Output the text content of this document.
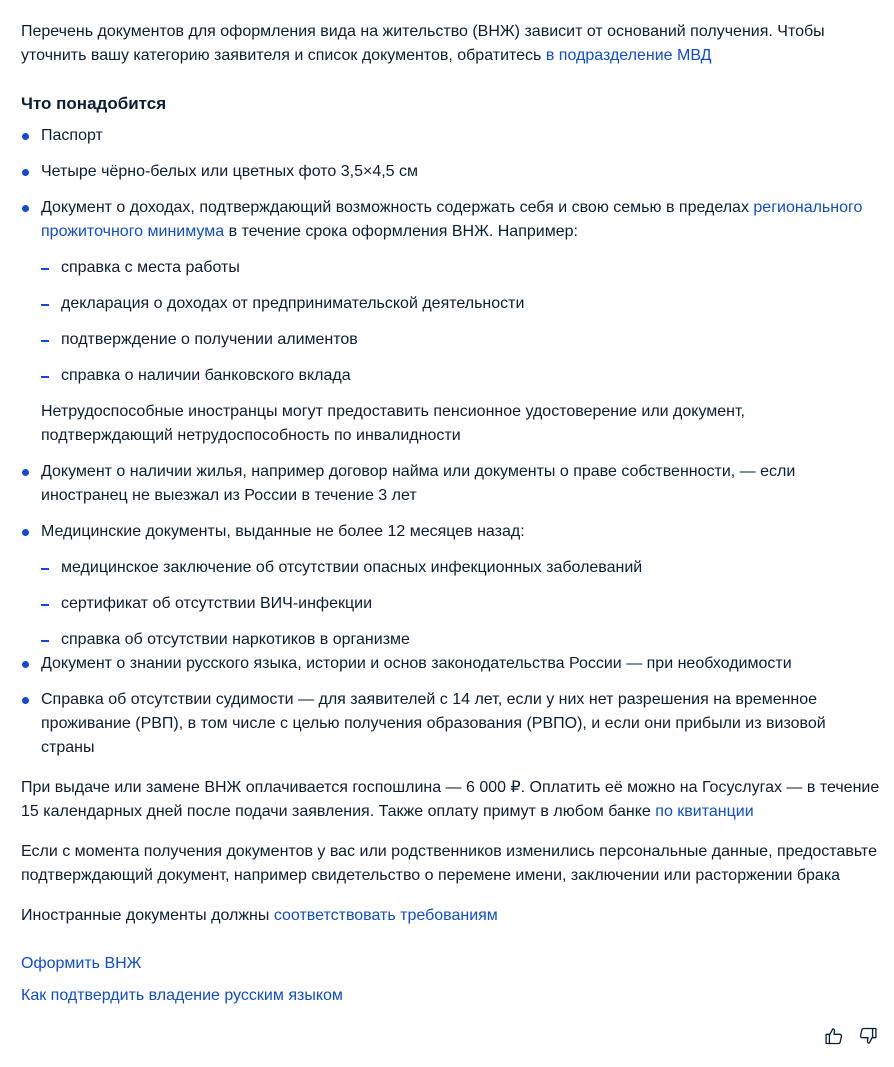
Перечень документов для оформления вида на жительство (ВНЖ) зависит от оснований получения. Чтобы уточнить вашу категорию заявителя и список документов, обратитесь в подразделение МВД

Что понадобится
Паспорт
Четыре чёрно-белых или цветных фото 3,5×4,5 см
Документ о доходах, подтверждающий возможность содержать себя и свою семью в пределах регионального прожиточного минимума в течение срока оформления ВНЖ. Например:
справка с места работы
декларация о доходах от предпринимательской деятельности
подтверждение о получении алиментов
справка о наличии банковского вклада

Нетрудоспособные иностранцы могут предоставить пенсионное удостоверение или документ, подтверждающий нетрудоспособность по инвалидности

Документ о наличии жилья, например договор найма или документы о праве собственности, — если иностранец не выезжал из России в течение 3 лет
Медицинские документы, выданные не более 12 месяцев назад:
медицинское заключение об отсутствии опасных инфекционных заболеваний
сертификат об отсутствии ВИЧ-инфекции
справка об отсутствии наркотиков в организме
Документ о знании русского языка, истории и основ законодательства России — при необходимости
Справка об отсутствии судимости — для заявителей с 14 лет, если у них нет разрешения на временное проживание (РВП), в том числе с целью получения образования (РВПО), и если они прибыли из визовой страны

При выдаче или замене ВНЖ оплачивается госпошлина — 6 000 ₽. Оплатить её можно на Госуслугах — в течение 15 календарных дней после подачи заявления. Также оплату примут в любом банке по квитанции

Если с момента получения документов у вас или родственников изменились персональные данные, предоставьте подтверждающий документ, например свидетельство о перемене имени, заключении или расторжении брака

Иностранные документы должны соответствовать требованиям

Оформить ВНЖ
Как подтвердить владение русским языком
